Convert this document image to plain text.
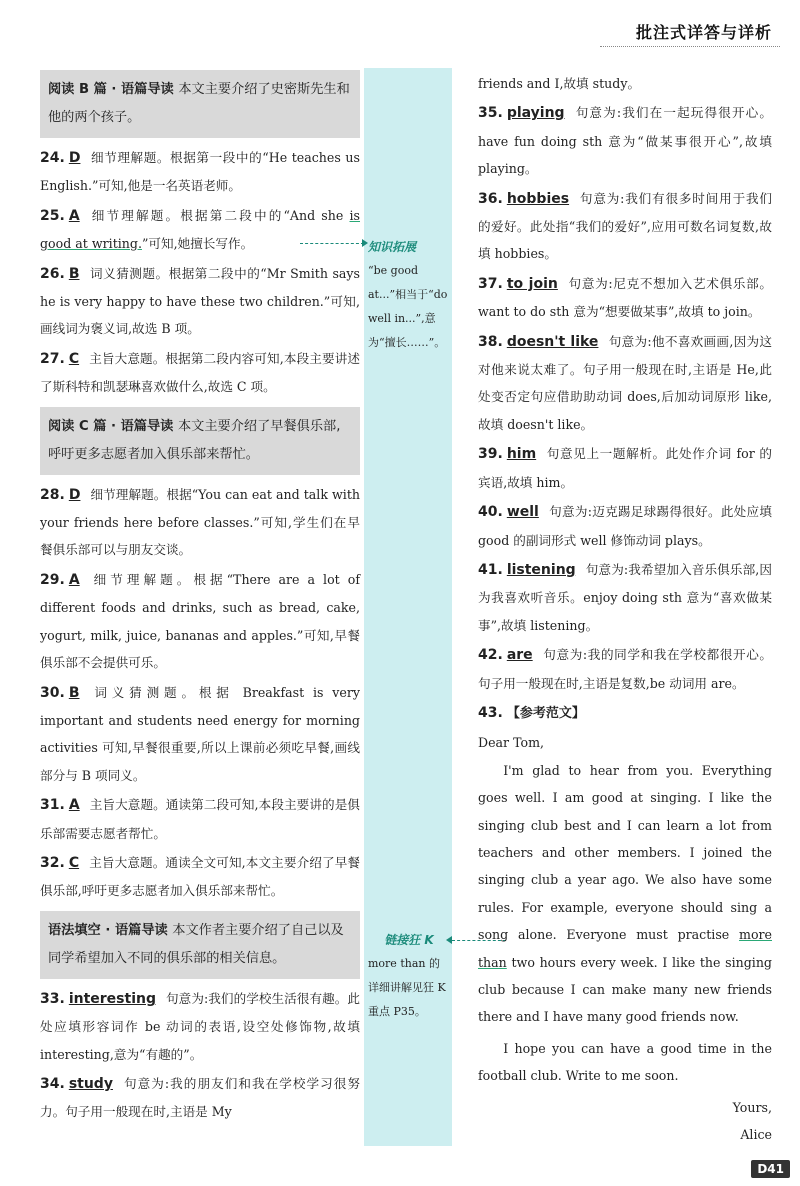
批注式详答与详析
知识拓展
“be good at...”相当于“do well in...”,意为“擅长……”。
链接狂 K
more than 的详细讲解见狂 K 重点 P35。
阅读 B 篇 · 语篇导读 本文主要介绍了史密斯先生和他的两个孩子。
24. D 细节理解题。根据第一段中的“He teaches us English.”可知,他是一名英语老师。
25. A 细节理解题。根据第二段中的“And she is good at writing.”可知,她擅长写作。
26. B 词义猜测题。根据第二段中的“Mr Smith says he is very happy to have these two children.”可知,画线词为褒义词,故选 B 项。
27. C 主旨大意题。根据第二段内容可知,本段主要讲述了斯科特和凯瑟琳喜欢做什么,故选 C 项。
阅读 C 篇 · 语篇导读 本文主要介绍了早餐俱乐部,呼吁更多志愿者加入俱乐部来帮忙。
28. D 细节理解题。根据“You can eat and talk with your friends here before classes.”可知,学生们在早餐俱乐部可以与朋友交谈。
29. A 细节理解题。根据“There are a lot of different foods and drinks, such as bread, cake, yogurt, milk, juice, bananas and apples.”可知,早餐俱乐部不会提供可乐。
30. B 词义猜测题。根据 Breakfast is very important and students need energy for morning activities 可知,早餐很重要,所以上课前必须吃早餐,画线部分与 B 项同义。
31. A 主旨大意题。通读第二段可知,本段主要讲的是俱乐部需要志愿者帮忙。
32. C 主旨大意题。通读全文可知,本文主要介绍了早餐俱乐部,呼吁更多志愿者加入俱乐部来帮忙。
语法填空 · 语篇导读 本文作者主要介绍了自己以及同学希望加入不同的俱乐部的相关信息。
33. interesting 句意为:我们的学校生活很有趣。此处应填形容词作 be 动词的表语,设空处修饰物,故填 interesting,意为“有趣的”。
34. study 句意为:我的朋友们和我在学校学习很努力。句子用一般现在时,主语是 My
friends and I,故填 study。
35. playing 句意为:我们在一起玩得很开心。have fun doing sth 意为“做某事很开心”,故填 playing。
36. hobbies 句意为:我们有很多时间用于我们的爱好。此处指“我们的爱好”,应用可数名词复数,故填 hobbies。
37. to join 句意为:尼克不想加入艺术俱乐部。want to do sth 意为“想要做某事”,故填 to join。
38. doesn't like 句意为:他不喜欢画画,因为这对他来说太难了。句子用一般现在时,主语是 He,此处变否定句应借助助动词 does,后加动词原形 like,故填 doesn't like。
39. him 句意见上一题解析。此处作介词 for 的宾语,故填 him。
40. well 句意为:迈克踢足球踢得很好。此处应填 good 的副词形式 well 修饰动词 plays。
41. listening 句意为:我希望加入音乐俱乐部,因为我喜欢听音乐。enjoy doing sth 意为“喜欢做某事”,故填 listening。
42. are 句意为:我的同学和我在学校都很开心。句子用一般现在时,主语是复数,be 动词用 are。
43. 【参考范文】
Dear Tom,
I'm glad to hear from you. Everything goes well. I am good at singing. I like the singing club best and I can learn a lot from teachers and other members. I joined the singing club a year ago. We also have some rules. For example, everyone should sing a song alone. Everyone must practise more than two hours every week. I like the singing club because I can make many new friends there and I have many good friends now.
I hope you can have a good time in the football club. Write to me soon.
Yours,
Alice
D41
